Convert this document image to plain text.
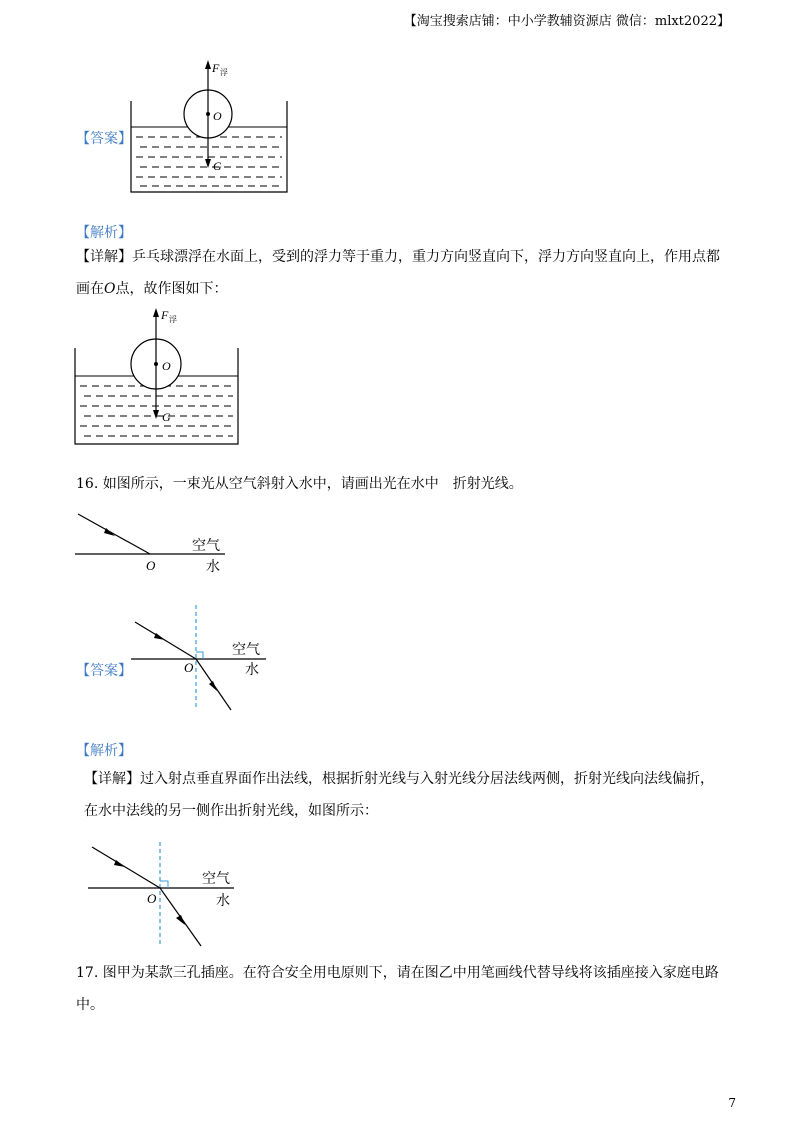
【淘宝搜索店铺：中小学教辅资源店 微信：mlxt2022】
【答案】
F 浮
O
G
【解析】
【详解】乒乓球漂浮在水面上，受到的浮力等于重力，重力方向竖直向下，浮力方向竖直向上，作用点都
画在O点，故作图如下：
F 浮
O
G
16. 如图所示，一束光从空气斜射入水中，请画出光在水中　折射光线。
O
空气
水
【答案】	O
空气
水
【解析】
【详解】过入射点垂直界面作出法线，根据折射光线与入射光线分居法线两侧，折射光线向法线偏折，
在水中法线的另一侧作出折射光线，如图所示：
O
空气
水
17. 图甲为某款三孔插座。在符合安全用电原则下，请在图乙中用笔画线代替导线将该插座接入家庭电路
中。
7
